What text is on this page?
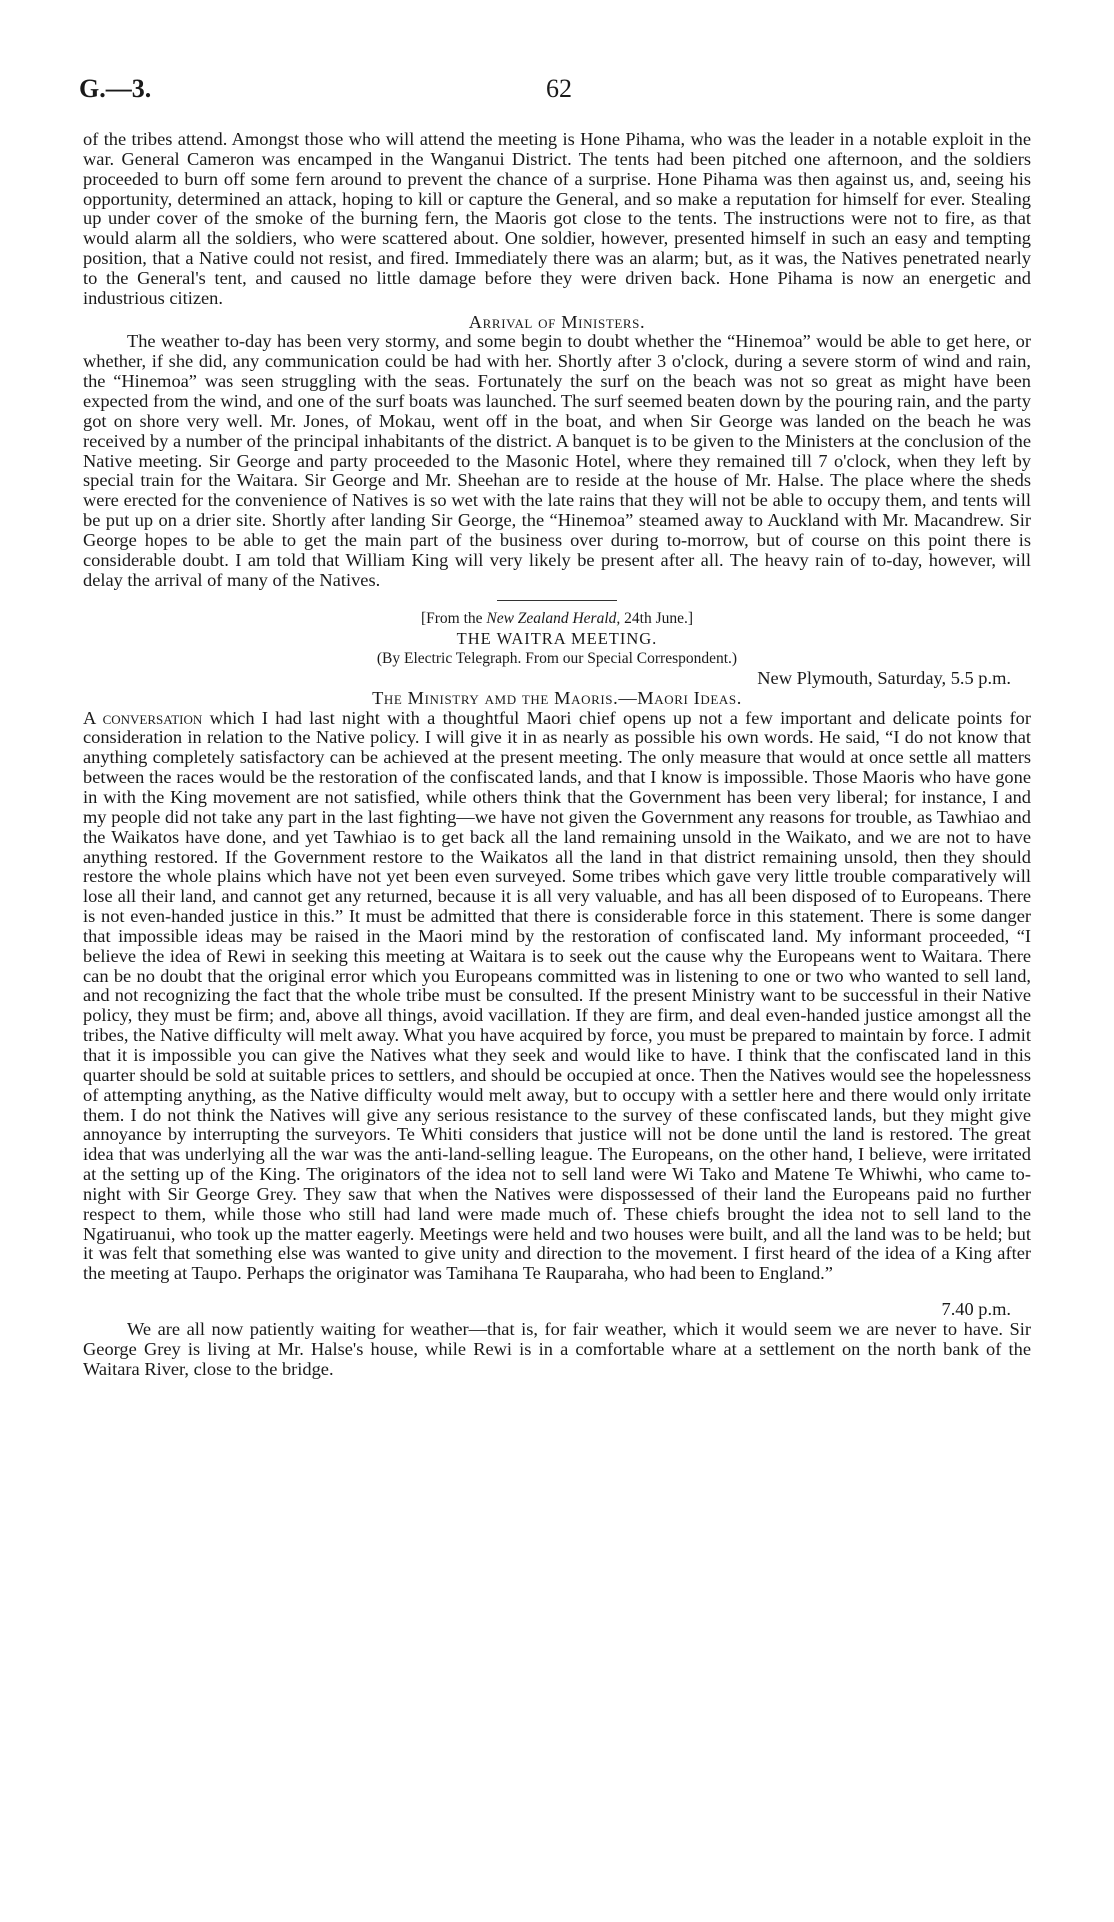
G.—3.	62

of the tribes attend. Amongst those who will attend the meeting is Hone Pihama, who was the leader in a notable exploit in the war. General Cameron was encamped in the Wanganui District. The tents had been pitched one afternoon, and the soldiers proceeded to burn off some fern around to prevent the chance of a surprise. Hone Pihama was then against us, and, seeing his opportunity, determined an attack, hoping to kill or capture the General, and so make a reputation for himself for ever. Stealing up under cover of the smoke of the burning fern, the Maoris got close to the tents. The instructions were not to fire, as that would alarm all the soldiers, who were scattered about. One soldier, however, presented himself in such an easy and tempting position, that a Native could not resist, and fired. Immediately there was an alarm; but, as it was, the Natives penetrated nearly to the General's tent, and caused no little damage before they were driven back. Hone Pihama is now an energetic and industrious citizen.

Arrival of Ministers.

The weather to-day has been very stormy, and some begin to doubt whether the “Hinemoa” would be able to get here, or whether, if she did, any communication could be had with her. Shortly after 3 o'clock, during a severe storm of wind and rain, the “Hinemoa” was seen struggling with the seas. Fortunately the surf on the beach was not so great as might have been expected from the wind, and one of the surf boats was launched. The surf seemed beaten down by the pouring rain, and the party got on shore very well. Mr. Jones, of Mokau, went off in the boat, and when Sir George was landed on the beach he was received by a number of the principal inhabitants of the district. A banquet is to be given to the Ministers at the conclusion of the Native meeting. Sir George and party proceeded to the Masonic Hotel, where they remained till 7 o'clock, when they left by special train for the Waitara. Sir George and Mr. Sheehan are to reside at the house of Mr. Halse. The place where the sheds were erected for the convenience of Natives is so wet with the late rains that they will not be able to occupy them, and tents will be put up on a drier site. Shortly after landing Sir George, the “Hinemoa” steamed away to Auckland with Mr. Macandrew. Sir George hopes to be able to get the main part of the business over during to-morrow, but of course on this point there is considerable doubt. I am told that William King will very likely be present after all. The heavy rain of to-day, however, will delay the arrival of many of the Natives.

[From the New Zealand Herald, 24th June.]

THE WAITRA MEETING.

(By Electric Telegraph. From our Special Correspondent.)

New Plymouth, Saturday, 5.5 p.m.

The Ministry amd the Maoris.—Maori Ideas.

A conversation which I had last night with a thoughtful Maori chief opens up not a few important and delicate points for consideration in relation to the Native policy. I will give it in as nearly as possible his own words. He said, “I do not know that anything completely satisfactory can be achieved at the present meeting. The only measure that would at once settle all matters between the races would be the restoration of the confiscated lands, and that I know is impossible. Those Maoris who have gone in with the King movement are not satisfied, while others think that the Government has been very liberal; for instance, I and my people did not take any part in the last fighting—we have not given the Government any reasons for trouble, as Tawhiao and the Waikatos have done, and yet Tawhiao is to get back all the land remaining unsold in the Waikato, and we are not to have anything restored. If the Government restore to the Waikatos all the land in that district remaining unsold, then they should restore the whole plains which have not yet been even surveyed. Some tribes which gave very little trouble comparatively will lose all their land, and cannot get any returned, because it is all very valuable, and has all been disposed of to Europeans. There is not even-handed justice in this.” It must be admitted that there is considerable force in this statement. There is some danger that impossible ideas may be raised in the Maori mind by the restoration of confiscated land. My informant proceeded, “I believe the idea of Rewi in seeking this meeting at Waitara is to seek out the cause why the Europeans went to Waitara. There can be no doubt that the original error which you Europeans committed was in listening to one or two who wanted to sell land, and not recognizing the fact that the whole tribe must be consulted. If the present Ministry want to be successful in their Native policy, they must be firm; and, above all things, avoid vacillation. If they are firm, and deal even-handed justice amongst all the tribes, the Native difficulty will melt away. What you have acquired by force, you must be prepared to maintain by force. I admit that it is impossible you can give the Natives what they seek and would like to have. I think that the confiscated land in this quarter should be sold at suitable prices to settlers, and should be occupied at once. Then the Natives would see the hopelessness of attempting anything, as the Native difficulty would melt away, but to occupy with a settler here and there would only irritate them. I do not think the Natives will give any serious resistance to the survey of these confiscated lands, but they might give annoyance by interrupting the surveyors. Te Whiti considers that justice will not be done until the land is restored. The great idea that was underlying all the war was the anti-land-selling league. The Europeans, on the other hand, I believe, were irritated at the setting up of the King. The originators of the idea not to sell land were Wi Tako and Matene Te Whiwhi, who came to-night with Sir George Grey. They saw that when the Natives were dispossessed of their land the Europeans paid no further respect to them, while those who still had land were made much of. These chiefs brought the idea not to sell land to the Ngatiruanui, who took up the matter eagerly. Meetings were held and two houses were built, and all the land was to be held; but it was felt that something else was wanted to give unity and direction to the movement. I first heard of the idea of a King after the meeting at Taupo. Perhaps the originator was Tamihana Te Rauparaha, who had been to England.”

7.40 p.m.

We are all now patiently waiting for weather—that is, for fair weather, which it would seem we are never to have. Sir George Grey is living at Mr. Halse's house, while Rewi is in a comfortable whare at a settlement on the north bank of the Waitara River, close to the bridge.
